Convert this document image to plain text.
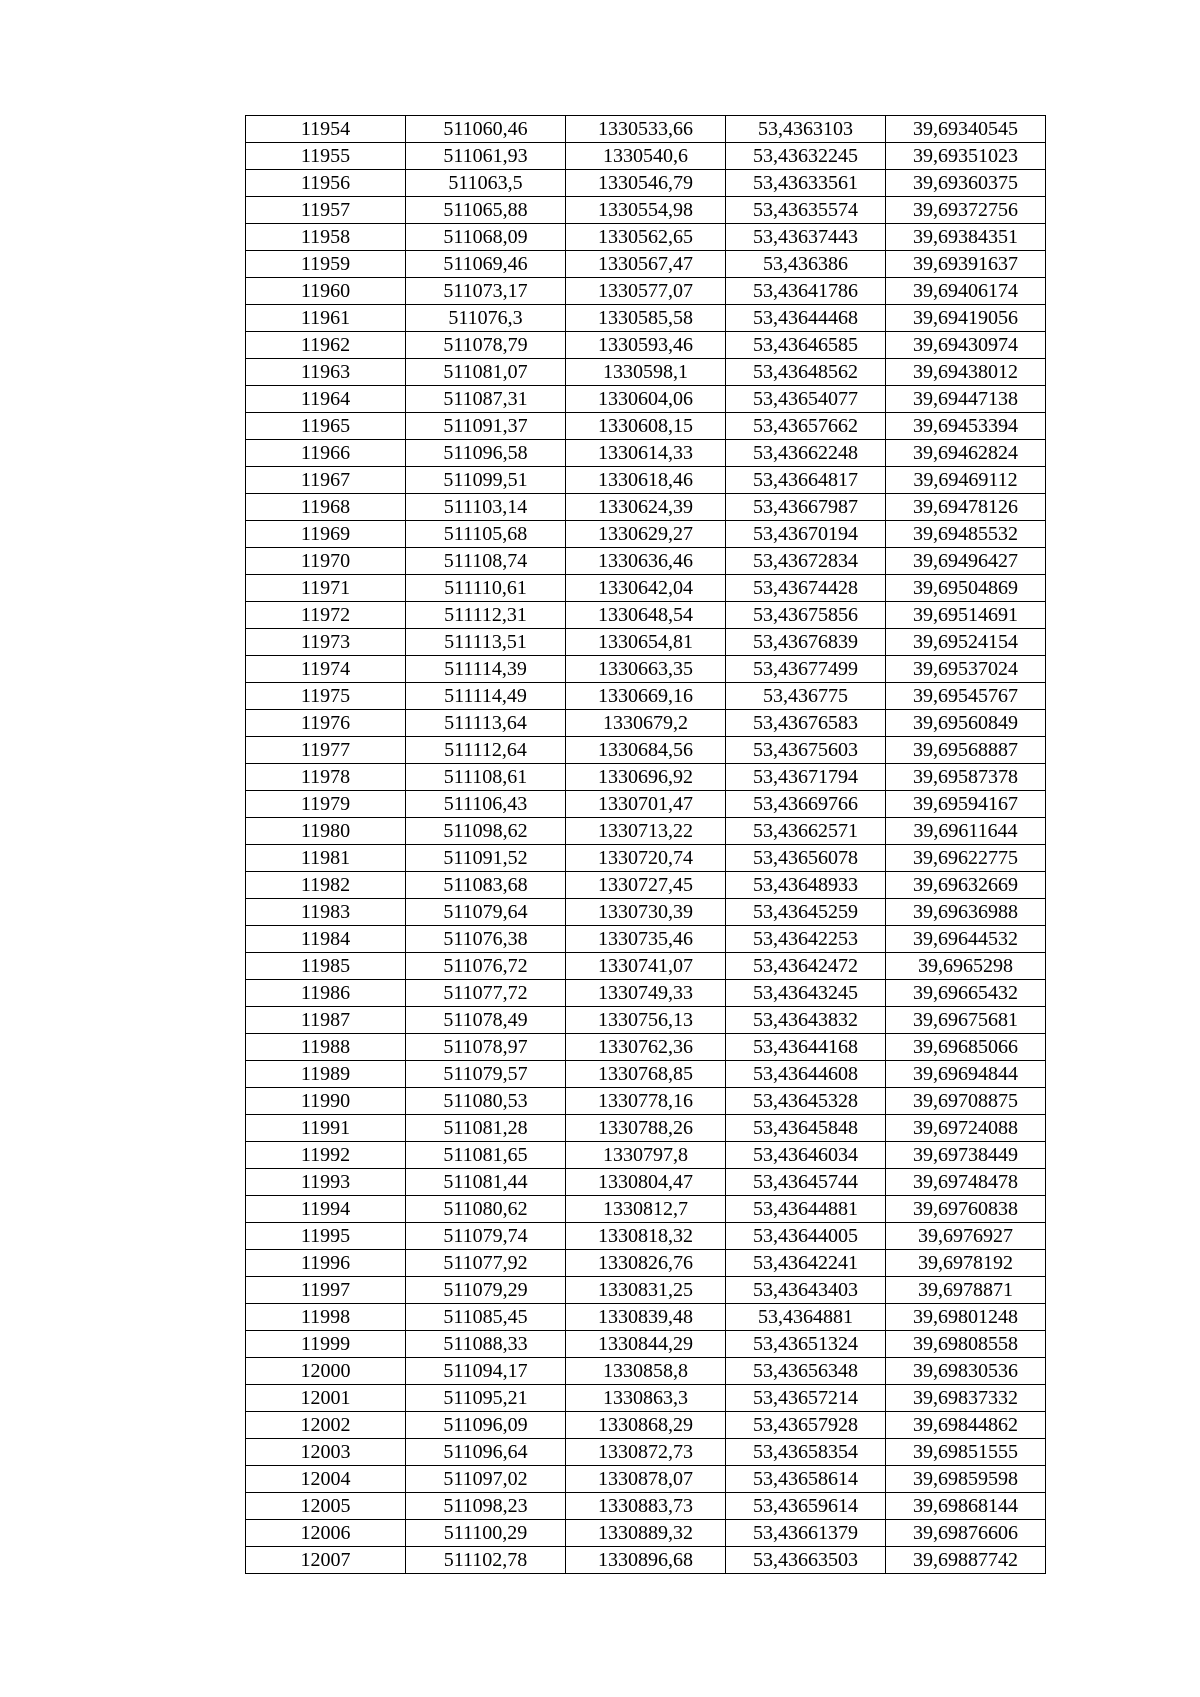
11954	511060,46	1330533,66	53,4363103	39,69340545
11955	511061,93	1330540,6	53,43632245	39,69351023
11956	511063,5	1330546,79	53,43633561	39,69360375
11957	511065,88	1330554,98	53,43635574	39,69372756
11958	511068,09	1330562,65	53,43637443	39,69384351
11959	511069,46	1330567,47	53,436386	39,69391637
11960	511073,17	1330577,07	53,43641786	39,69406174
11961	511076,3	1330585,58	53,43644468	39,69419056
11962	511078,79	1330593,46	53,43646585	39,69430974
11963	511081,07	1330598,1	53,43648562	39,69438012
11964	511087,31	1330604,06	53,43654077	39,69447138
11965	511091,37	1330608,15	53,43657662	39,69453394
11966	511096,58	1330614,33	53,43662248	39,69462824
11967	511099,51	1330618,46	53,43664817	39,69469112
11968	511103,14	1330624,39	53,43667987	39,69478126
11969	511105,68	1330629,27	53,43670194	39,69485532
11970	511108,74	1330636,46	53,43672834	39,69496427
11971	511110,61	1330642,04	53,43674428	39,69504869
11972	511112,31	1330648,54	53,43675856	39,69514691
11973	511113,51	1330654,81	53,43676839	39,69524154
11974	511114,39	1330663,35	53,43677499	39,69537024
11975	511114,49	1330669,16	53,436775	39,69545767
11976	511113,64	1330679,2	53,43676583	39,69560849
11977	511112,64	1330684,56	53,43675603	39,69568887
11978	511108,61	1330696,92	53,43671794	39,69587378
11979	511106,43	1330701,47	53,43669766	39,69594167
11980	511098,62	1330713,22	53,43662571	39,69611644
11981	511091,52	1330720,74	53,43656078	39,69622775
11982	511083,68	1330727,45	53,43648933	39,69632669
11983	511079,64	1330730,39	53,43645259	39,69636988
11984	511076,38	1330735,46	53,43642253	39,69644532
11985	511076,72	1330741,07	53,43642472	39,6965298
11986	511077,72	1330749,33	53,43643245	39,69665432
11987	511078,49	1330756,13	53,43643832	39,69675681
11988	511078,97	1330762,36	53,43644168	39,69685066
11989	511079,57	1330768,85	53,43644608	39,69694844
11990	511080,53	1330778,16	53,43645328	39,69708875
11991	511081,28	1330788,26	53,43645848	39,69724088
11992	511081,65	1330797,8	53,43646034	39,69738449
11993	511081,44	1330804,47	53,43645744	39,69748478
11994	511080,62	1330812,7	53,43644881	39,69760838
11995	511079,74	1330818,32	53,43644005	39,6976927
11996	511077,92	1330826,76	53,43642241	39,6978192
11997	511079,29	1330831,25	53,43643403	39,6978871
11998	511085,45	1330839,48	53,4364881	39,69801248
11999	511088,33	1330844,29	53,43651324	39,69808558
12000	511094,17	1330858,8	53,43656348	39,69830536
12001	511095,21	1330863,3	53,43657214	39,69837332
12002	511096,09	1330868,29	53,43657928	39,69844862
12003	511096,64	1330872,73	53,43658354	39,69851555
12004	511097,02	1330878,07	53,43658614	39,69859598
12005	511098,23	1330883,73	53,43659614	39,69868144
12006	511100,29	1330889,32	53,43661379	39,69876606
12007	511102,78	1330896,68	53,43663503	39,69887742
